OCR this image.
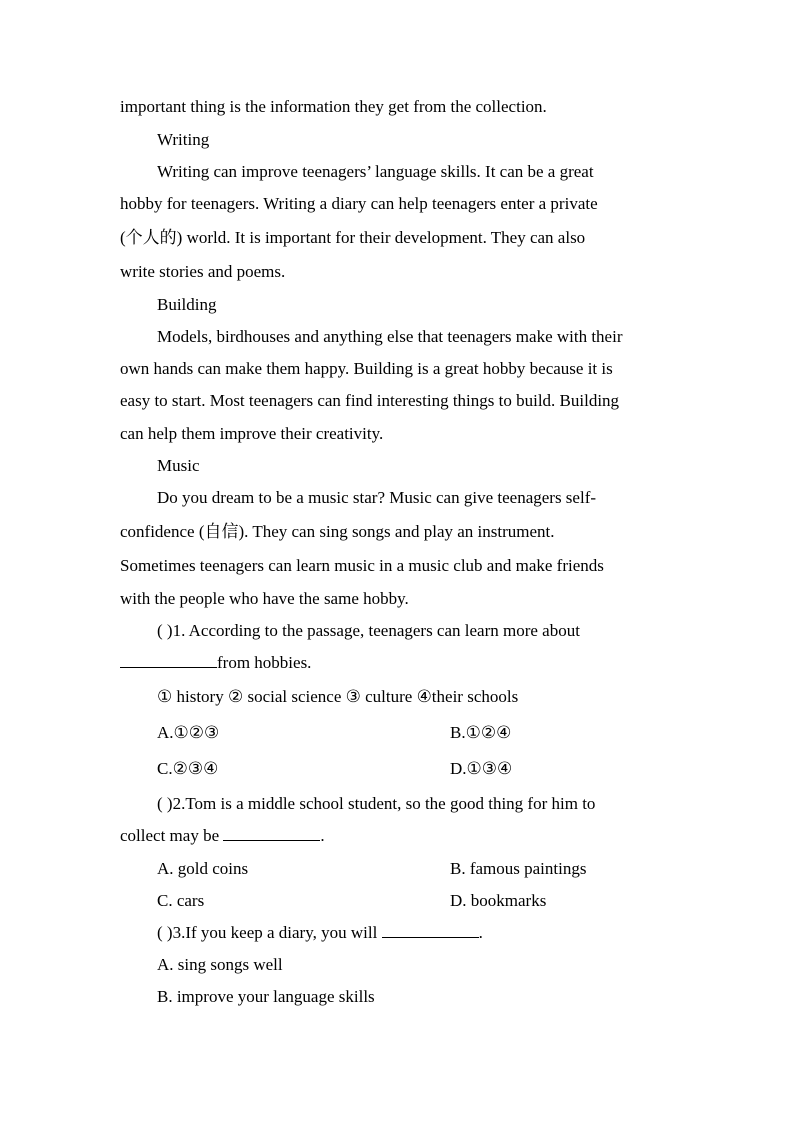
important thing is the information they get from the collection.
Writing
Writing can improve teenagers’ language skills. It can be a great
hobby for teenagers. Writing a diary can help teenagers enter a private
(个人的) world. It is important for their development. They can also
write stories and poems.
Building
Models, birdhouses and anything else that teenagers make with their
own hands can make them happy. Building is a great hobby because it is
easy to start. Most teenagers can find interesting things to build. Building
can help them improve their creativity.
Music
Do you dream to be a music star? Music can give teenagers self-
confidence (自信). They can sing songs and play an instrument.
Sometimes teenagers can learn music in a music club and make friends
with the people who have the same hobby.
( )1. According to the passage, teenagers can learn more about
from hobbies.
① history ② social science ③ culture ④their schools
A.①②③	B.①②④
C.②③④	D.①③④
( )2.Tom is a middle school student, so the good thing for him to
collect may be	.
A. gold coins	B. famous paintings
C. cars	D. bookmarks
( )3.If you keep a diary, you will	.
A. sing songs well
B. improve your language skills
